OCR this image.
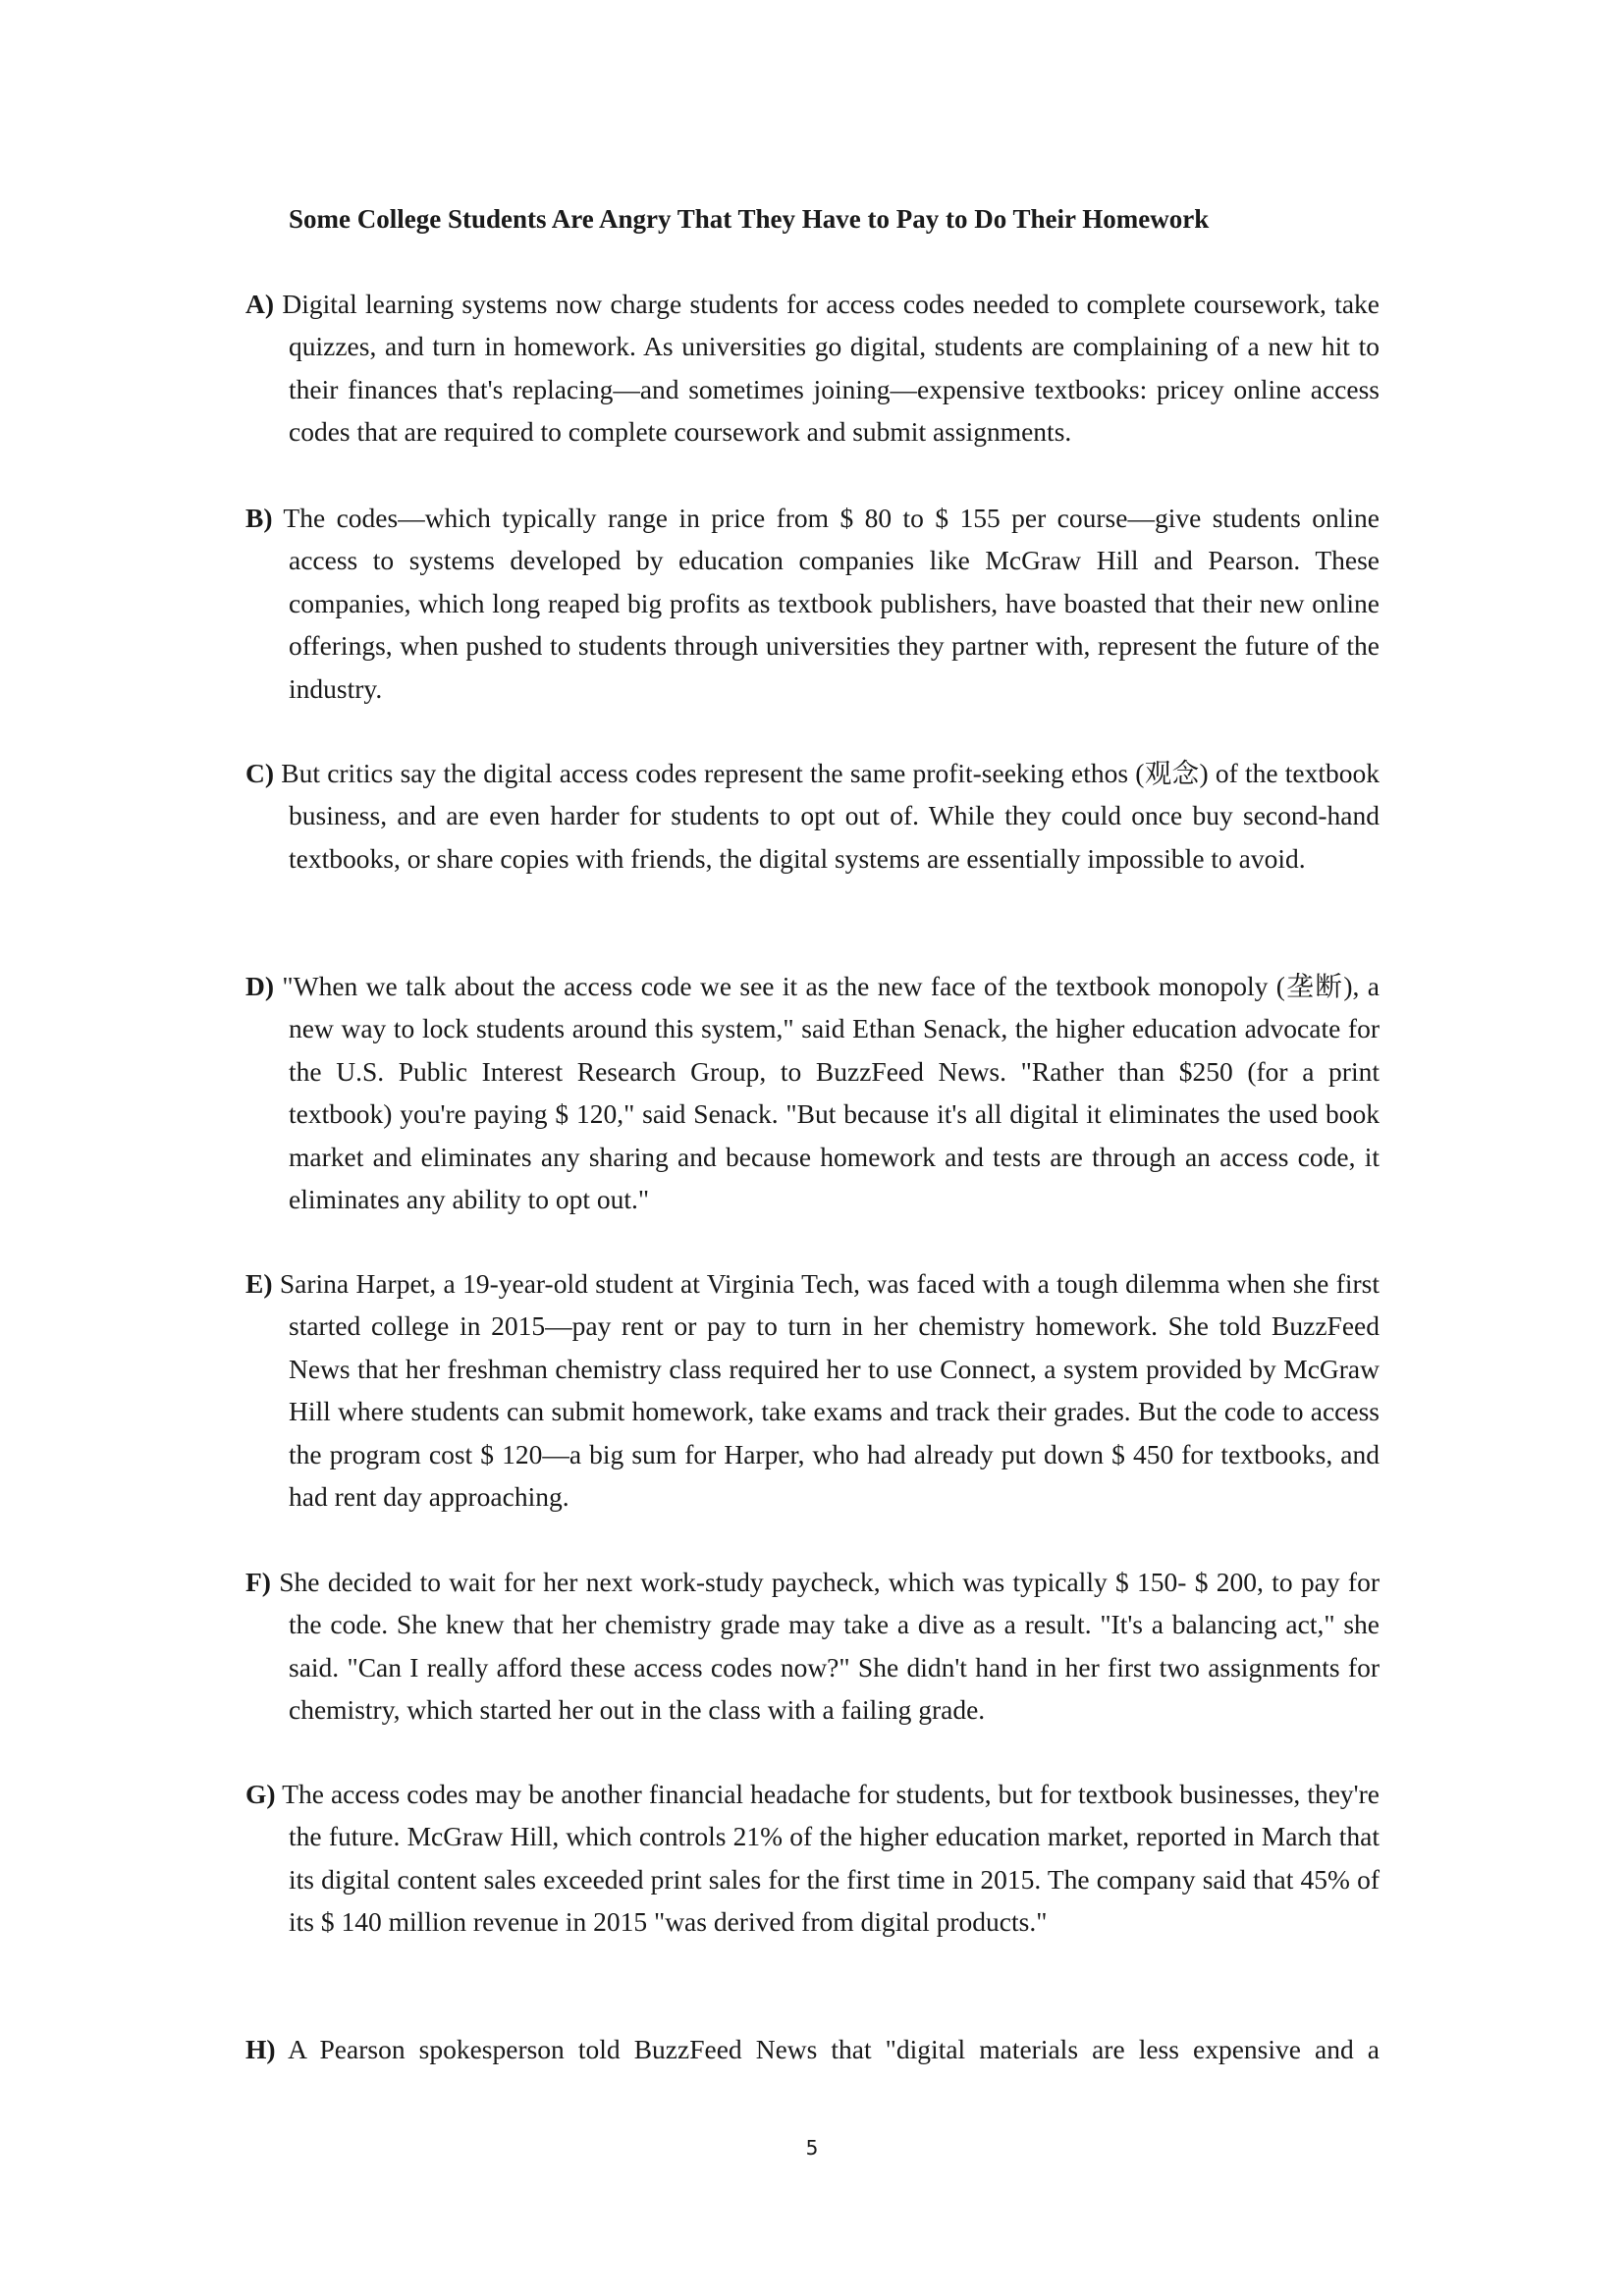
Some College Students Are Angry That They Have to Pay to Do Their Homework

A) Digital learning systems now charge students for access codes needed to complete coursework, take quizzes, and turn in homework. As universities go digital, students are complaining of a new hit to their finances that's replacing—and sometimes joining—expensive textbooks: pricey online access codes that are required to complete coursework and submit assignments.

B) The codes—which typically range in price from $ 80 to $ 155 per course—give students online access to systems developed by education companies like McGraw Hill and Pearson. These companies, which long reaped big profits as textbook publishers, have boasted that their new online offerings, when pushed to students through universities they partner with, represent the future of the industry.

C) But critics say the digital access codes represent the same profit-seeking ethos (观念) of the textbook business, and are even harder for students to opt out of. While they could once buy second-hand textbooks, or share copies with friends, the digital systems are essentially impossible to avoid.

D) "When we talk about the access code we see it as the new face of the textbook monopoly (垄断), a new way to lock students around this system," said Ethan Senack, the higher education advocate for the U.S. Public Interest Research Group, to BuzzFeed News. "Rather than $250 (for a print textbook) you're paying $ 120," said Senack. "But because it's all digital it eliminates the used book market and eliminates any sharing and because homework and tests are through an access code, it eliminates any ability to opt out."

E) Sarina Harpet, a 19-year-old student at Virginia Tech, was faced with a tough dilemma when she first started college in 2015—pay rent or pay to turn in her chemistry homework. She told BuzzFeed News that her freshman chemistry class required her to use Connect, a system provided by McGraw Hill where students can submit homework, take exams and track their grades. But the code to access the program cost $ 120—a big sum for Harper, who had already put down $ 450 for textbooks, and had rent day approaching.

F) She decided to wait for her next work-study paycheck, which was typically $ 150- $ 200, to pay for the code. She knew that her chemistry grade may take a dive as a result. "It's a balancing act," she said. "Can I really afford these access codes now?" She didn't hand in her first two assignments for chemistry, which started her out in the class with a failing grade.

G) The access codes may be another financial headache for students, but for textbook businesses, they're the future. McGraw Hill, which controls 21% of the higher education market, reported in March that its digital content sales exceeded print sales for the first time in 2015. The company said that 45% of its $ 140 million revenue in 2015 "was derived from digital products."

H) A Pearson spokesperson told BuzzFeed News that "digital materials are less expensive and a

5
